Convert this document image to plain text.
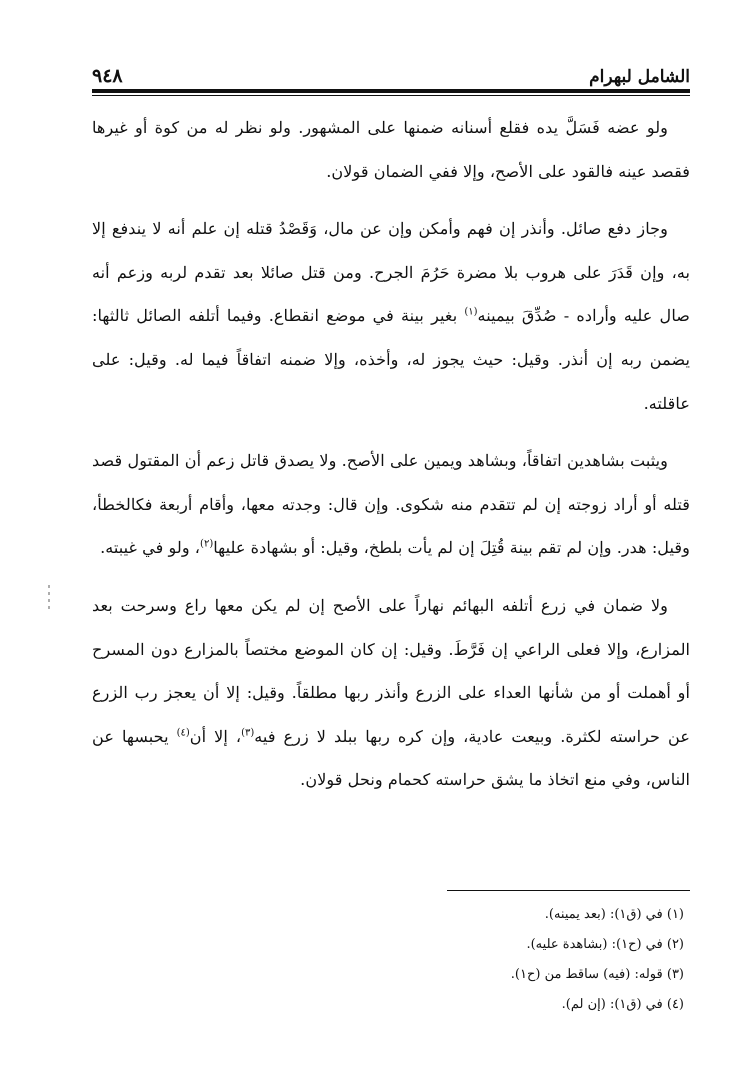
الشامل لبهرام
٩٤٨

ولو عضه فَسَلَّ يده فقلع أسنانه ضمنها على المشهور. ولو نظر له من كوة أو غيرها فقصد عينه فالقود على الأصح، وإلا ففي الضمان قولان.

وجاز دفع صائل. وأنذر إن فهم وأمكن وإن عن مال، وَقَصْدُ قتله إن علم أنه لا يندفع إلا به، وإن قَدَرَ على هروب بلا مضرة حَرُمَ الجرح. ومن قتل صائلا بعد تقدم لربه وزعم أنه صال عليه وأراده - صُدِّقَ بيمينه$^{(١)}$ بغير بينة في موضع انقطاع. وفيما أتلفه الصائل ثالثها: يضمن ربه إن أنذر. وقيل: حيث يجوز له، وأخذه، وإلا ضمنه اتفاقاً فيما له. وقيل: على عاقلته.

ويثبت بشاهدين اتفاقاً، وبشاهد ويمين على الأصح. ولا يصدق قاتل زعم أن المقتول قصد قتله أو أراد زوجته إن لم تتقدم منه شكوى. وإن قال: وجدته معها، وأقام أربعة فكالخطأ، وقيل: هدر. وإن لم تقم بينة قُتِلَ إن لم يأت بلطخ، وقيل: أو بشهادة عليها$^{(٢)}$، ولو في غيبته.

ولا ضمان في زرع أتلفه البهائم نهاراً على الأصح إن لم يكن معها راع وسرحت بعد المزارع، وإلا فعلى الراعي إن فَرَّطَ. وقيل: إن كان الموضع مختصاً بالمزارع دون المسرح أو أهملت أو من شأنها العداء على الزرع وأنذر ربها مطلقاً. وقيل: إلا أن يعجز رب الزرع عن حراسته لكثرة. وبيعت عادية، وإن كره ربها ببلد لا زرع فيه$^{(٣)}$، إلا أن$^{(٤)}$ يحبسها عن الناس، وفي منع اتخاذ ما يشق حراسته كحمام ونحل قولان.

(١) في (ق١): (بعد يمينه).
(٢) في (ح١): (بشاهدة عليه).
(٣) قوله: (فيه) ساقط من (ح١).
(٤) في (ق١): (إن لم).
